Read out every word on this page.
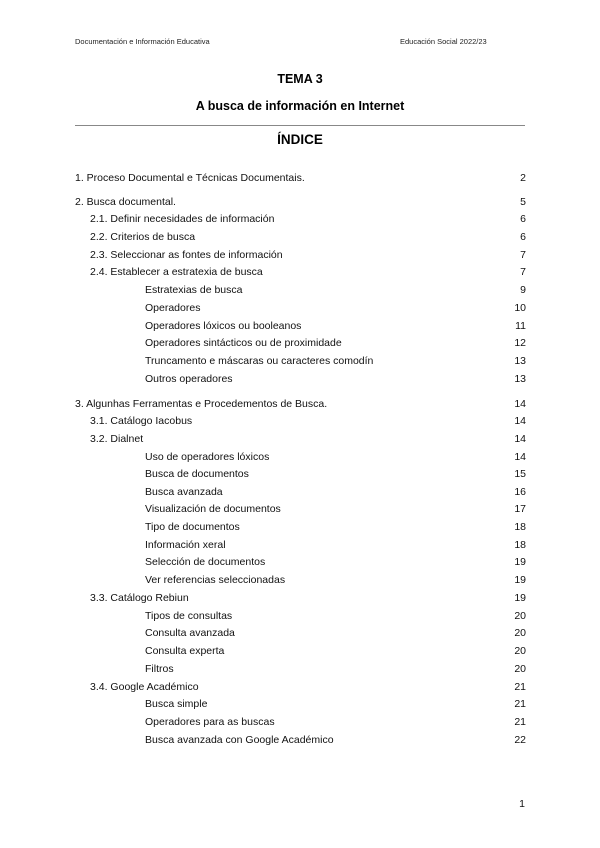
Documentación e Información Educativa	Educación Social 2022/23
TEMA 3
A busca de información en Internet
ÍNDICE
1. Proceso Documental e Técnicas Documentais.	2
2. Busca documental.	5
2.1. Definir necesidades de información	6
2.2. Criterios de busca	6
2.3. Seleccionar as fontes de información	7
2.4. Establecer a estratexia de busca	7
Estratexias de busca	9
Operadores	10
Operadores lóxicos ou booleanos	11
Operadores sintácticos ou de proximidade	12
Truncamento e máscaras ou caracteres comodín	13
Outros operadores	13
3. Algunhas Ferramentas e Procedementos de Busca.	14
3.1. Catálogo Iacobus	14
3.2. Dialnet	14
Uso de operadores lóxicos	14
Busca de documentos	15
Busca avanzada	16
Visualización de documentos	17
Tipo de documentos	18
Información xeral	18
Selección de documentos	19
Ver referencias seleccionadas	19
3.3. Catálogo Rebiun	19
Tipos de consultas	20
Consulta avanzada	20
Consulta experta	20
Filtros	20
3.4. Google Académico	21
Busca simple	21
Operadores para as buscas	21
Busca avanzada con Google Académico	22
1
